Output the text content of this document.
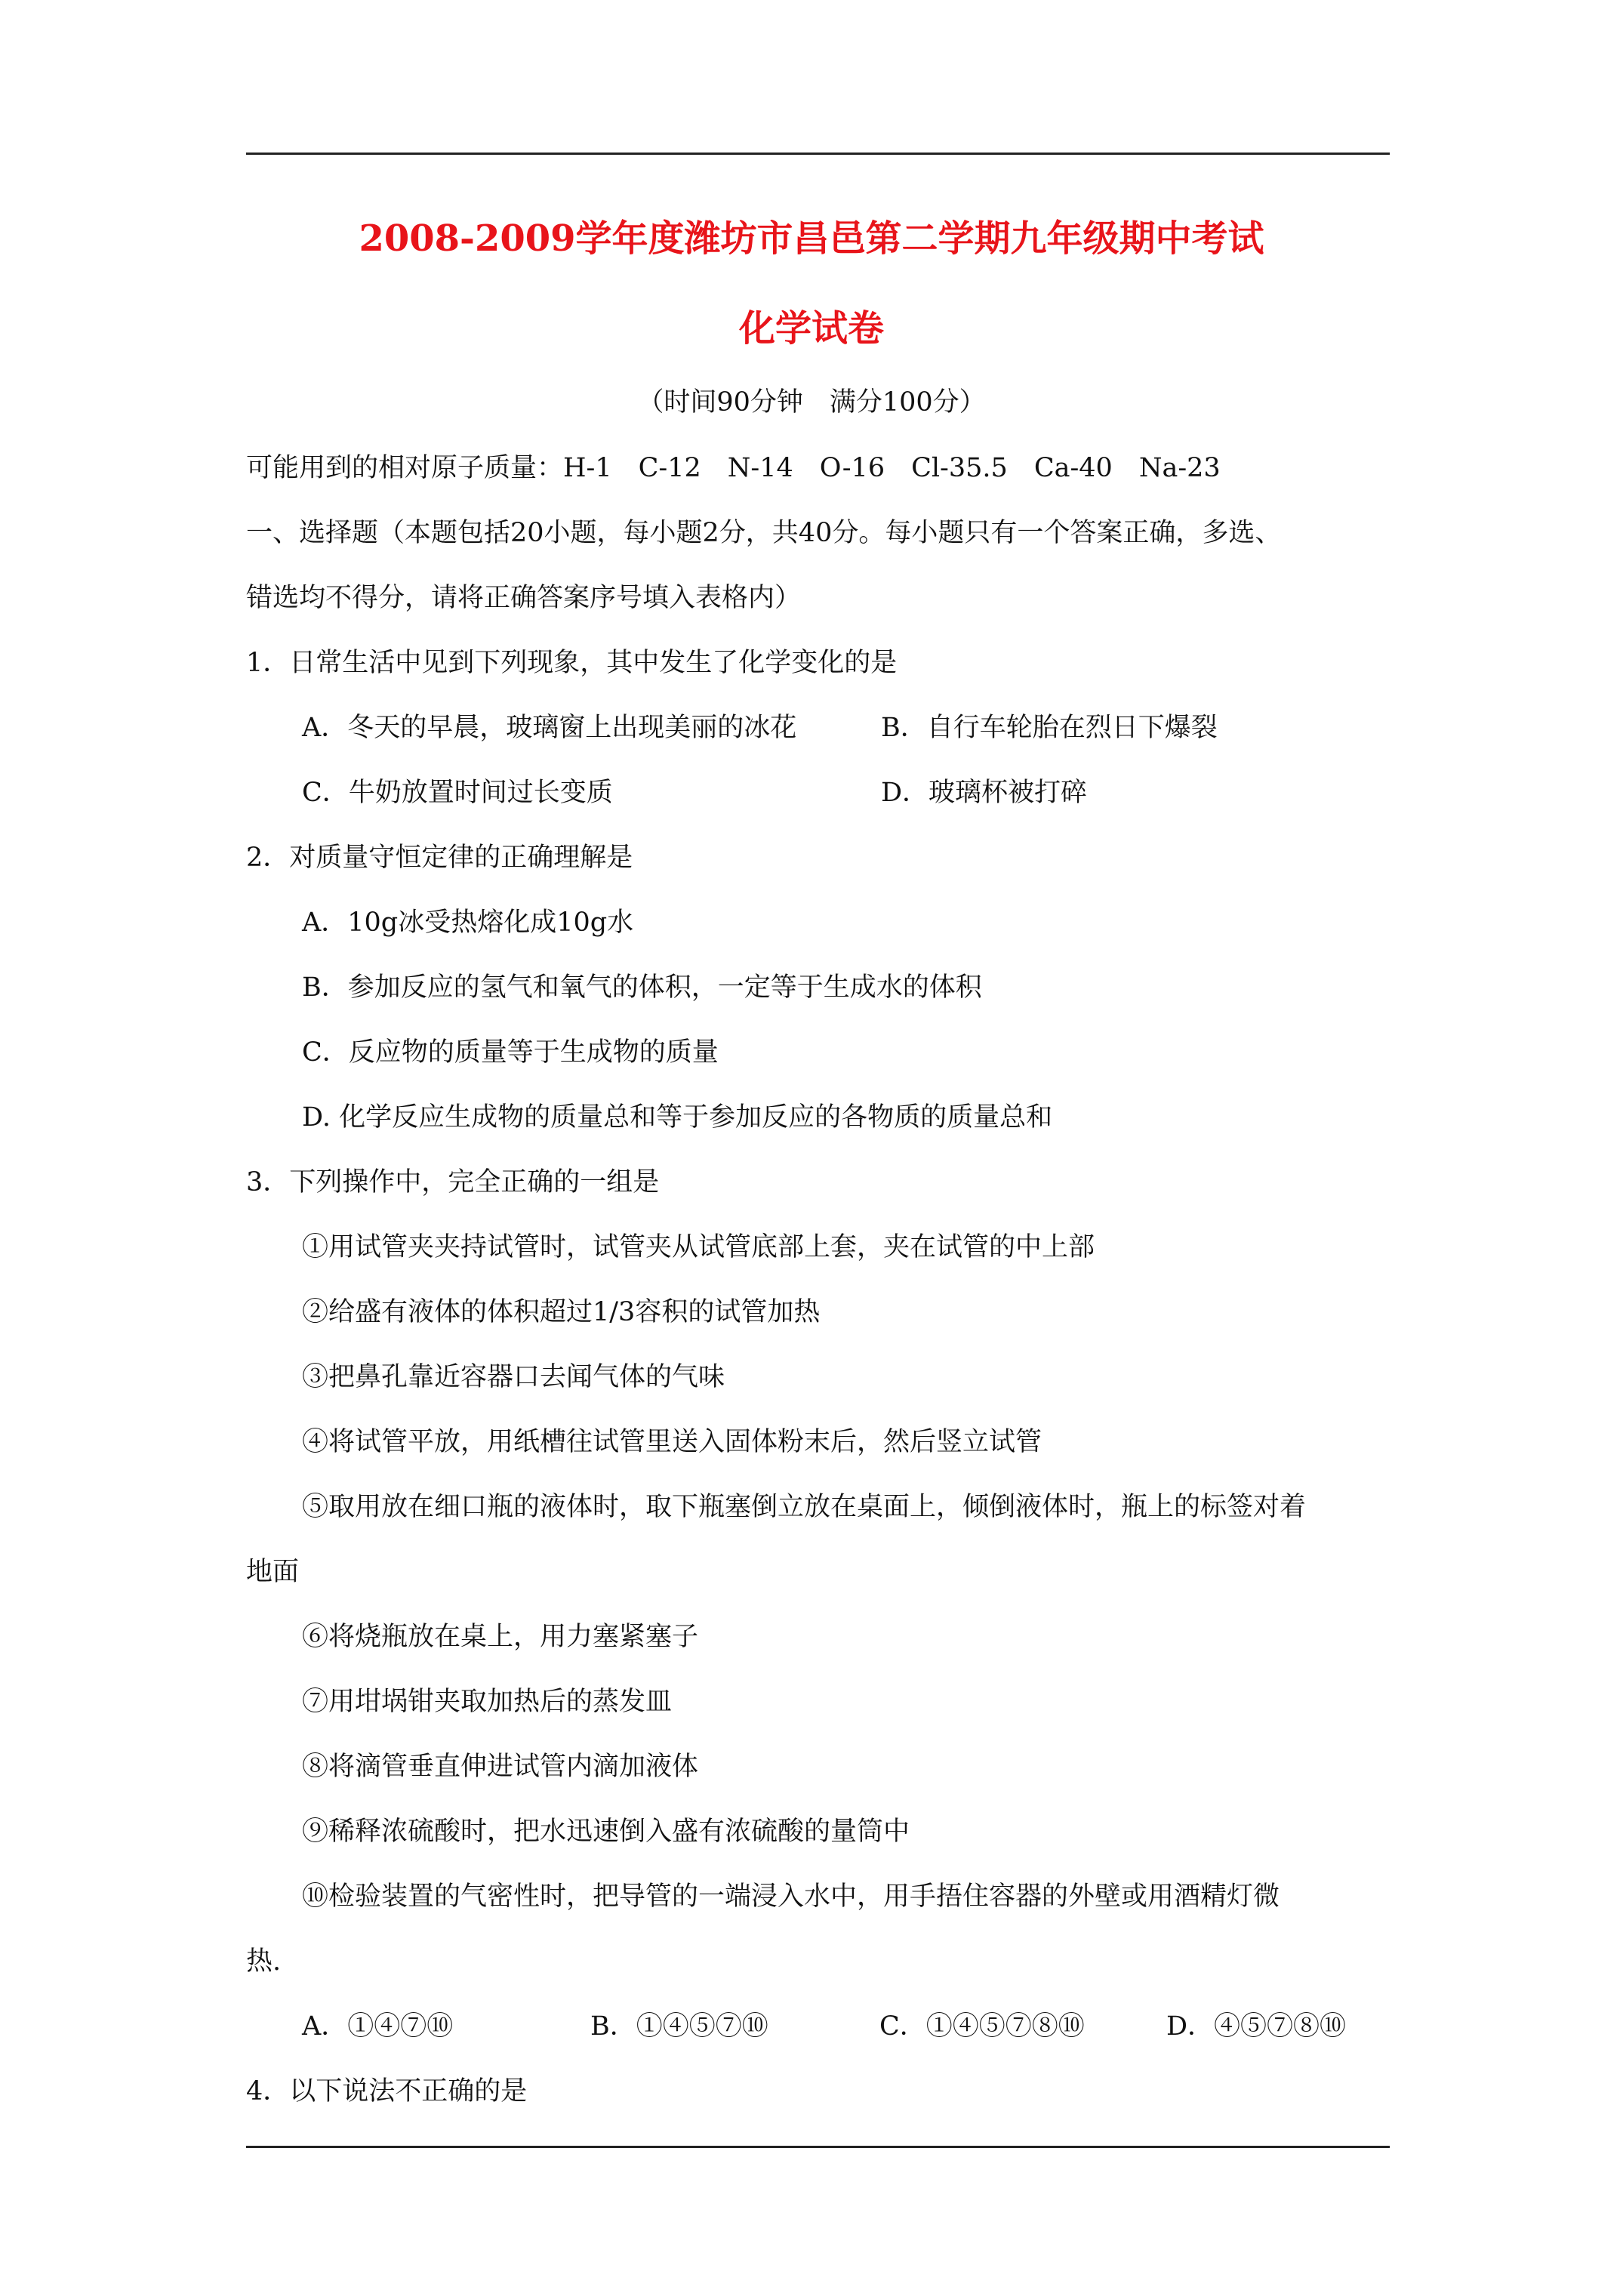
2008-2009学年度潍坊市昌邑第二学期九年级期中考试
化学试卷
（时间90分钟　满分100分）
可能用到的相对原子质量：H-1　C-12　N-14　O-16　Cl-35.5　Ca-40　Na-23
一、选择题（本题包括20小题，每小题2分，共40分。每小题只有一个答案正确，多选、
错选均不得分，请将正确答案序号填入表格内）
1．日常生活中见到下列现象，其中发生了化学变化的是
A．冬天的早晨，玻璃窗上出现美丽的冰花	B．自行车轮胎在烈日下爆裂
C．牛奶放置时间过长变质	D．玻璃杯被打碎
2．对质量守恒定律的正确理解是
A．10g冰受热熔化成10g水
B．参加反应的氢气和氧气的体积，一定等于生成水的体积
C．反应物的质量等于生成物的质量
D. 化学反应生成物的质量总和等于参加反应的各物质的质量总和
3．下列操作中，完全正确的一组是
①用试管夹夹持试管时，试管夹从试管底部上套，夹在试管的中上部
②给盛有液体的体积超过1/3容积的试管加热
③把鼻孔靠近容器口去闻气体的气味
④将试管平放，用纸槽往试管里送入固体粉末后，然后竖立试管
⑤取用放在细口瓶的液体时，取下瓶塞倒立放在桌面上，倾倒液体时，瓶上的标签对着
地面
⑥将烧瓶放在桌上，用力塞紧塞子
⑦用坩埚钳夹取加热后的蒸发皿
⑧将滴管垂直伸进试管内滴加液体
⑨稀释浓硫酸时，把水迅速倒入盛有浓硫酸的量筒中
⑩检验装置的气密性时，把导管的一端浸入水中，用手捂住容器的外壁或用酒精灯微
热.
A．①④⑦⑩	B．①④⑤⑦⑩	C．①④⑤⑦⑧⑩	D．④⑤⑦⑧⑩
4．以下说法不正确的是
